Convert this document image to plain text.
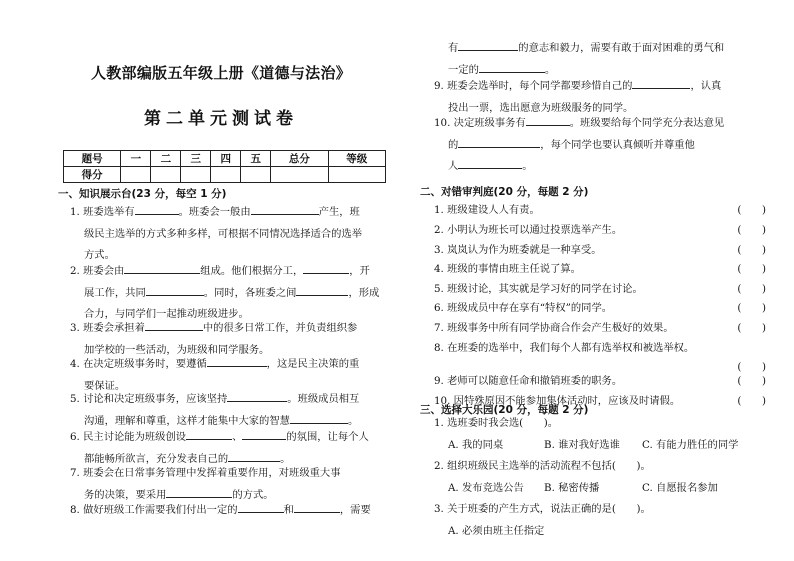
人教部编版五年级上册《道德与法治》
第二单元测试卷
题号	一	二	三	四	五	总分	等级
得分							
一、知识展示台(23 分，每空 1 分)
1. 班委选举有	。班委会一般由	产生，班
级民主选举的方式多种多样，可根据不同情况选择适合的选举
方式。
2. 班委会由	组成。他们根据分工，	，开
展工作，共同	。同时，各班委之间	，形成
合力，与同学们一起推动班级进步。
3. 班委会承担着	中的很多日常工作，并负责组织参
加学校的一些活动，为班级和同学服务。
4. 在决定班级事务时，要遵循	，这是民主决策的重
要保证。
5. 讨论和决定班级事务，应该坚持	。班级成员相互
沟通，理解和尊重，这样才能集中大家的智慧	。
6. 民主讨论能为班级创设	、	的氛围，让每个人
都能畅所欲言，充分发表自己的	。
7. 班委会在日常事务管理中发挥着重要作用，对班级重大事
务的决策，要采用	的方式。
8. 做好班级工作需要我们付出一定的	和	，需要
有	的意志和毅力，需要有敢于面对困难的勇气和
一定的	。
9. 班委会选举时，每个同学都要珍惜自己的	，认真
投出一票，选出愿意为班级服务的同学。
10. 决定班级事务有	。班级要给每个同学充分表达意见
的	，每个同学也要认真倾听并尊重他
人	。
二、对错审判庭(20 分，每题 2 分)
1. 班级建设人人有责。	(　　)
2. 小明认为班长可以通过投票选举产生。	(　　)
3. 岚岚认为作为班委就是一种享受。	(　　)
4. 班级的事情由班主任说了算。	(　　)
5. 班级讨论，其实就是学习好的同学在讨论。	(　　)
6. 班级成员中存在享有“特权”的同学。	(　　)
7. 班级事务中所有同学协商合作会产生极好的效果。	(　　)
8. 在班委的选举中，我们每个人都有选举权和被选举权。
(　　)
9. 老师可以随意任命和撤销班委的职务。	(　　)
10. 因特殊原因不能参加集体活动时，应该及时请假。	(　　)
三、选择大乐园(20 分，每题 2 分)
1. 选班委时我会选(　　)。
A. 我的同桌	B. 谁对我好选谁 C. 有能力胜任的同学
2. 组织班级民主选举的活动流程不包括(　　)。
A. 发布竞选公告 B. 秘密传播	C. 自愿报名参加
3. 关于班委的产生方式，说法正确的是(　　)。
A. 必须由班主任指定
